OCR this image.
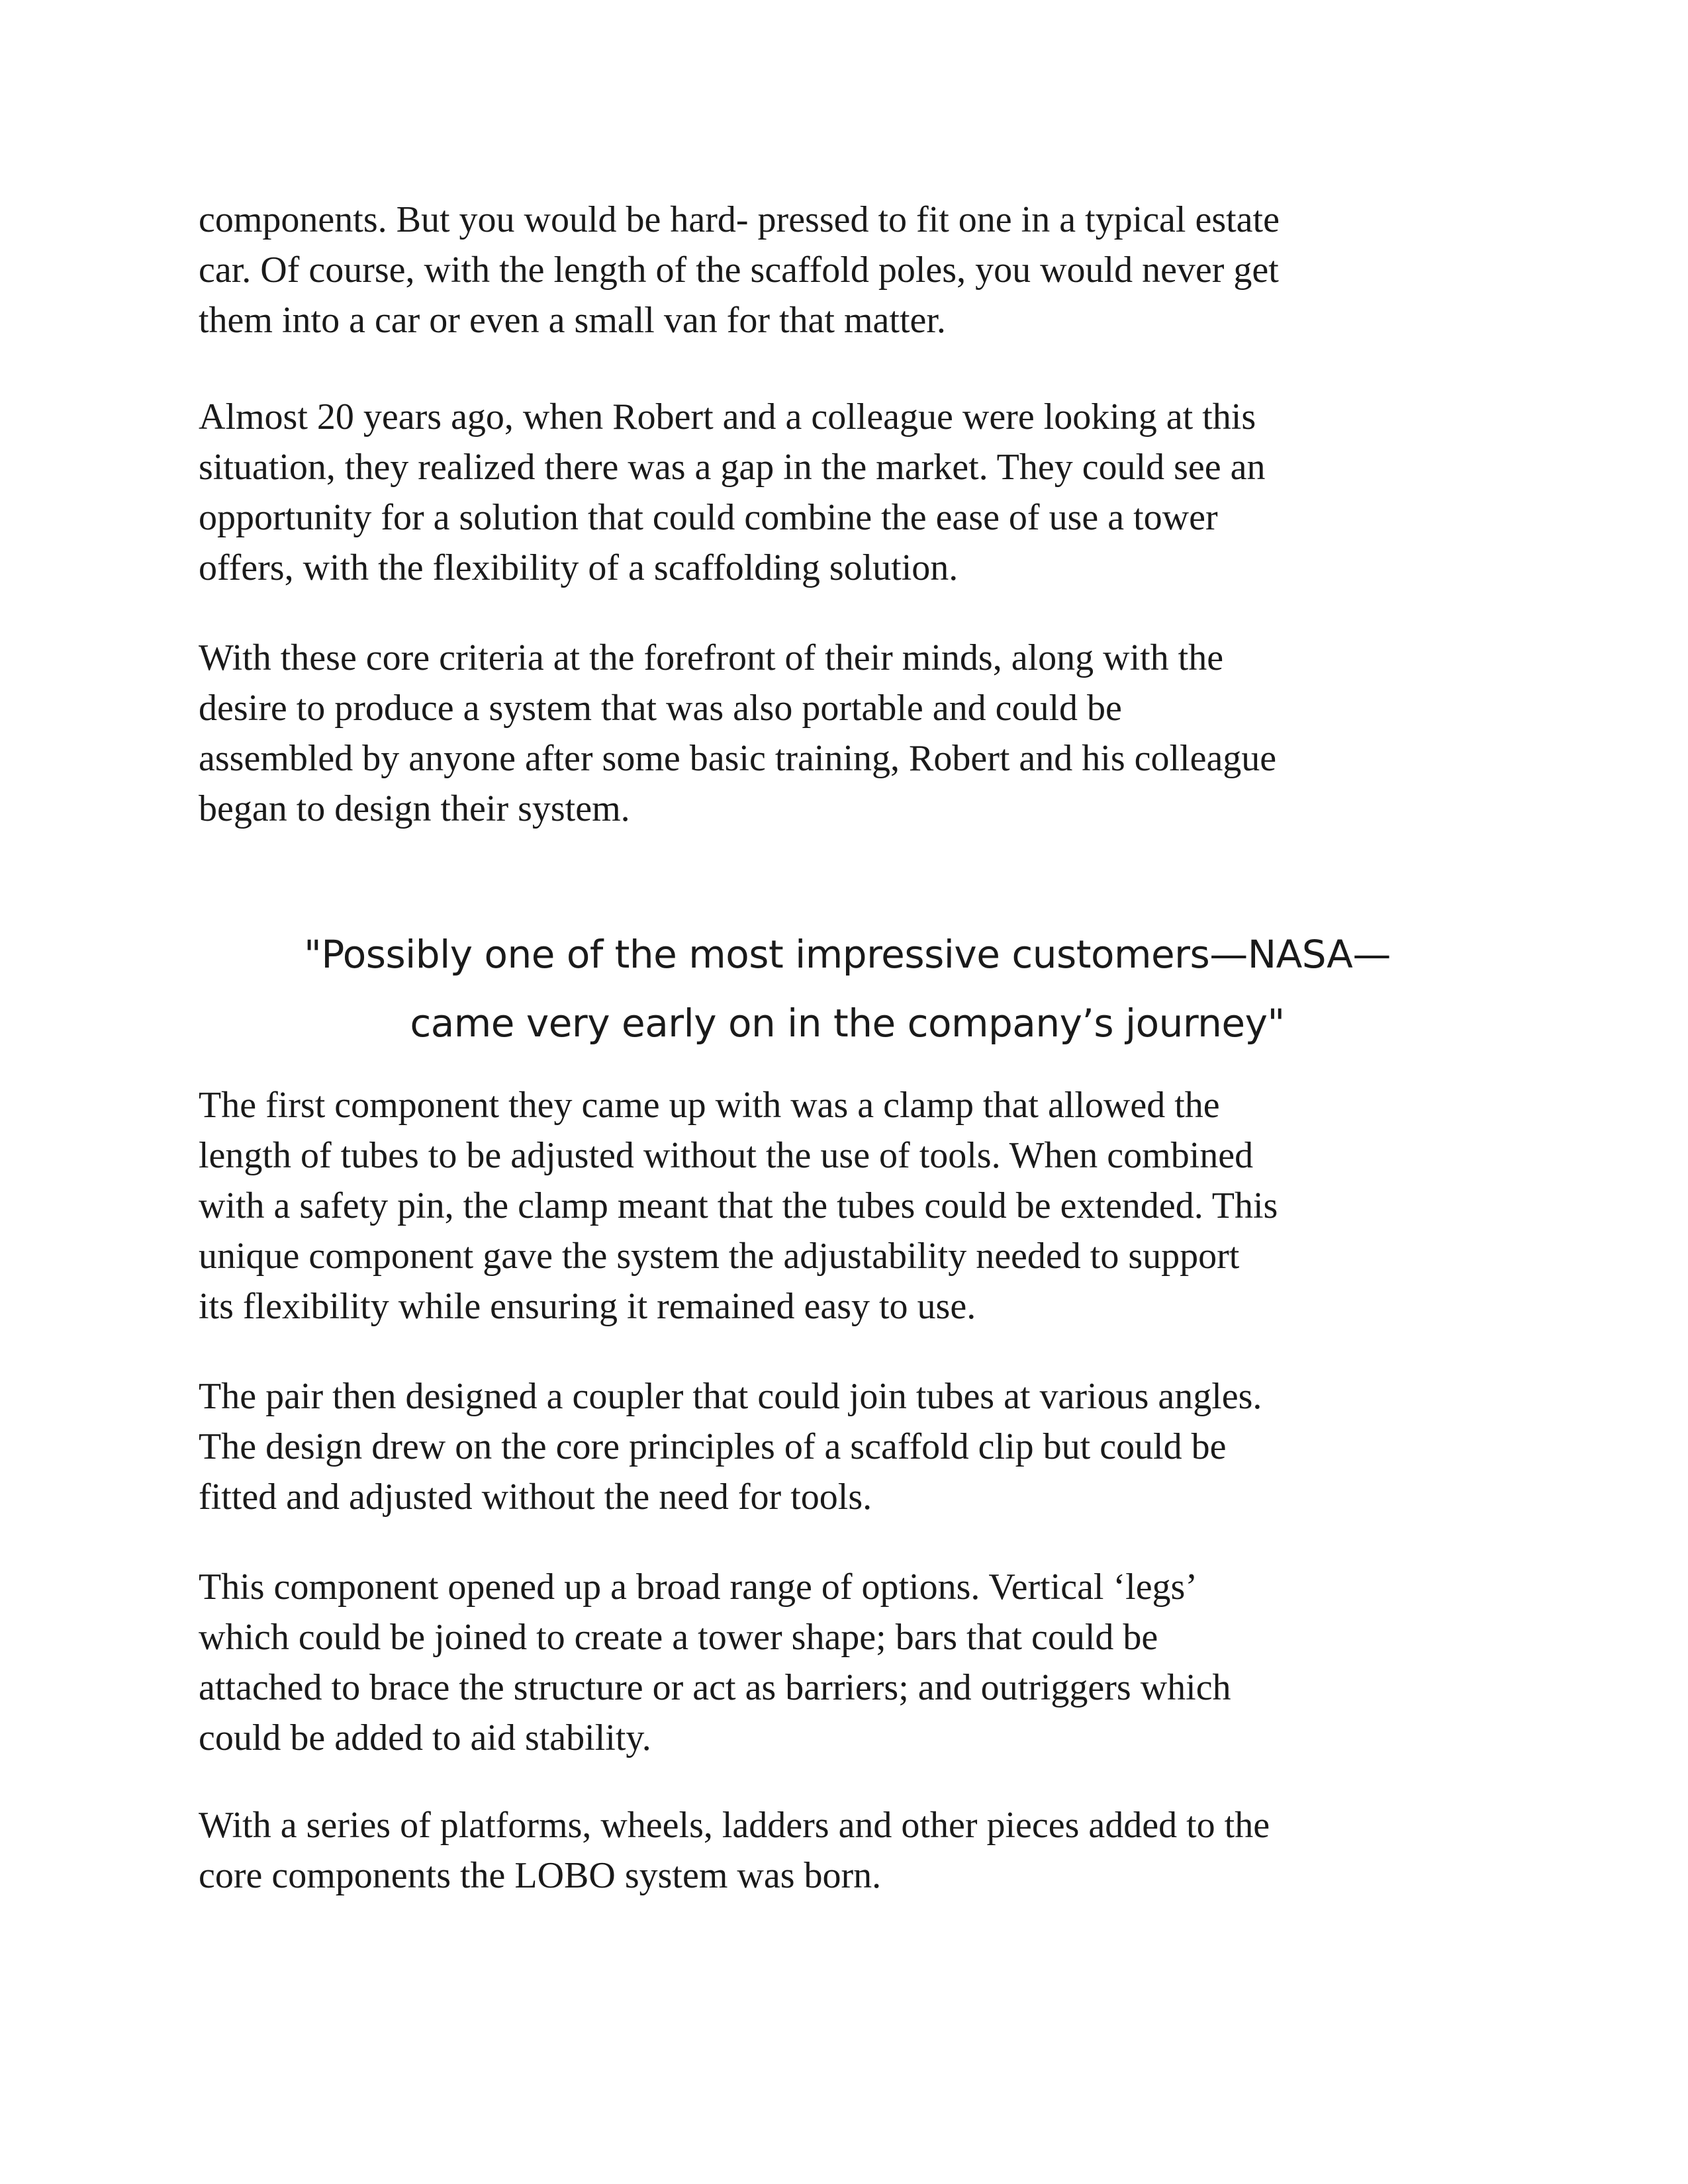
components. But you would be hard- pressed to fit one in a typical estate
car. Of course, with the length of the scaffold poles, you would never get
them into a car or even a small van for that matter.

Almost 20 years ago, when Robert and a colleague were looking at this
situation, they realized there was a gap in the market. They could see an
opportunity for a solution that could combine the ease of use a tower
offers, with the flexibility of a scaffolding solution.

With these core criteria at the forefront of their minds, along with the
desire to produce a system that was also portable and could be
assembled by anyone after some basic training, Robert and his colleague
began to design their system.

"Possibly one of the most impressive customers—NASA—
came very early on in the company’s journey"

The first component they came up with was a clamp that allowed the
length of tubes to be adjusted without the use of tools. When combined
with a safety pin, the clamp meant that the tubes could be extended. This
unique component gave the system the adjustability needed to support
its flexibility while ensuring it remained easy to use.

The pair then designed a coupler that could join tubes at various angles.
The design drew on the core principles of a scaffold clip but could be
fitted and adjusted without the need for tools.

This component opened up a broad range of options. Vertical ‘legs’
which could be joined to create a tower shape; bars that could be
attached to brace the structure or act as barriers; and outriggers which
could be added to aid stability.

With a series of platforms, wheels, ladders and other pieces added to the
core components the LOBO system was born.
